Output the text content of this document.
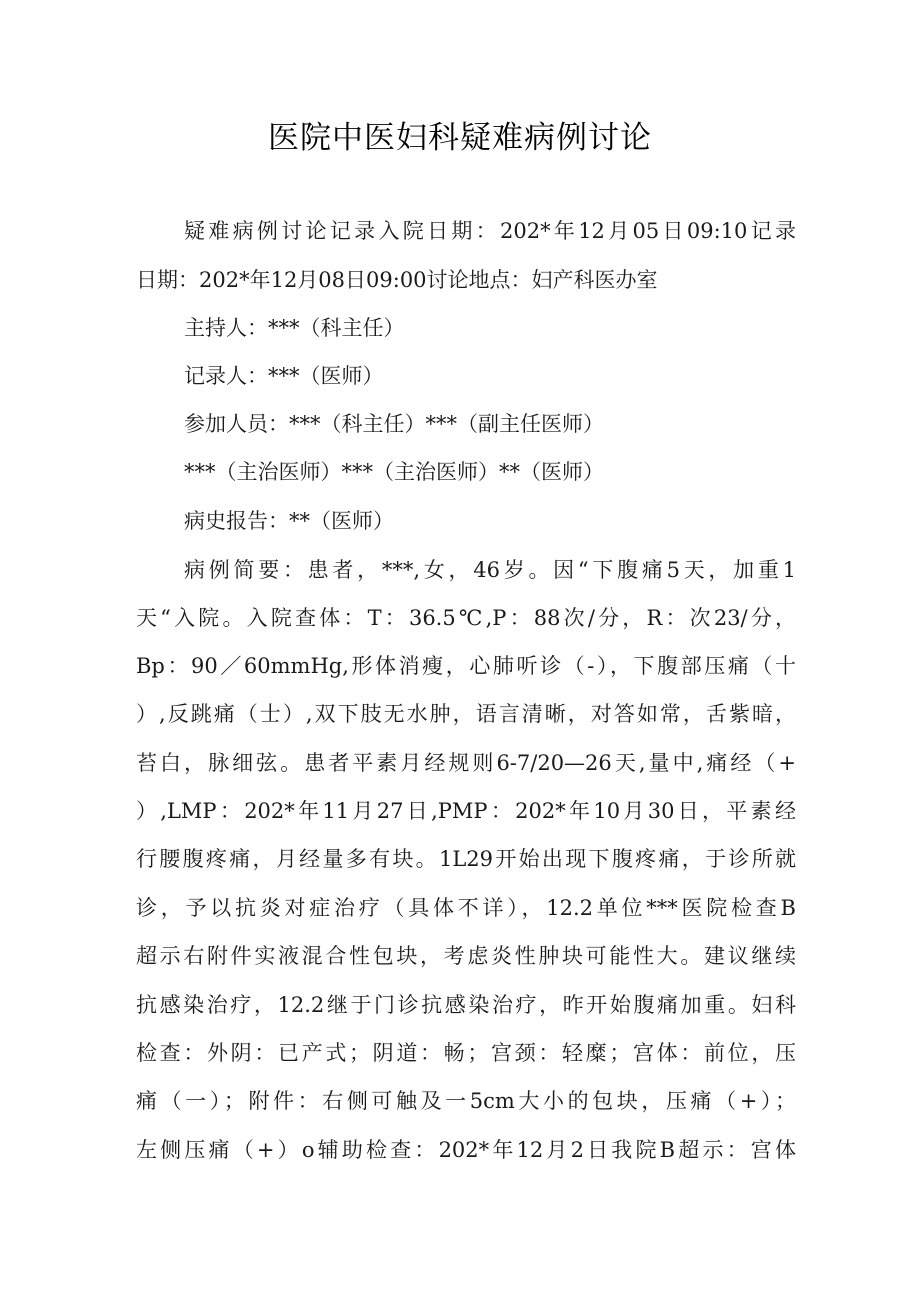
医院中医妇科疑难病例讨论
疑难病例讨论记录入院日期：202*年12月05日09:10记录
日期：202*年12月08日09:00讨论地点：妇产科医办室
主持人：***（科主任）
记录人：***（医师）
参加人员：***（科主任）***（副主任医师）
***（主治医师）***（主治医师）**（医师）
病史报告：**（医师）
病例简要：患者，***,女，46岁。因“下腹痛5天，加重1
天“入院。入院查体：T：36.5℃,P：88次/分，R：次23/分，
Bp：90／60mmHg,形体消瘦，心肺听诊（-），下腹部压痛（十
）,反跳痛（士）,双下肢无水肿，语言清晰，对答如常，舌紫暗，
苔白，脉细弦。患者平素月经规则6-7/20—26天,量中,痛经（+
）,LMP：202*年11月27日,PMP：202*年10月30日，平素经
行腰腹疼痛，月经量多有块。1L29开始出现下腹疼痛，于诊所就
诊，予以抗炎对症治疗（具体不详），12.2单位***医院检查B
超示右附件实液混合性包块，考虑炎性肿块可能性大。建议继续
抗感染治疗，12.2继于门诊抗感染治疗，昨开始腹痛加重。妇科
检查：外阴：已产式；阴道：畅；宫颈：轻糜；宫体：前位，压
痛（一）；附件：右侧可触及一5cm大小的包块，压痛（+）；
左侧压痛（+）o辅助检查：202*年12月2日我院B超示：宫体
